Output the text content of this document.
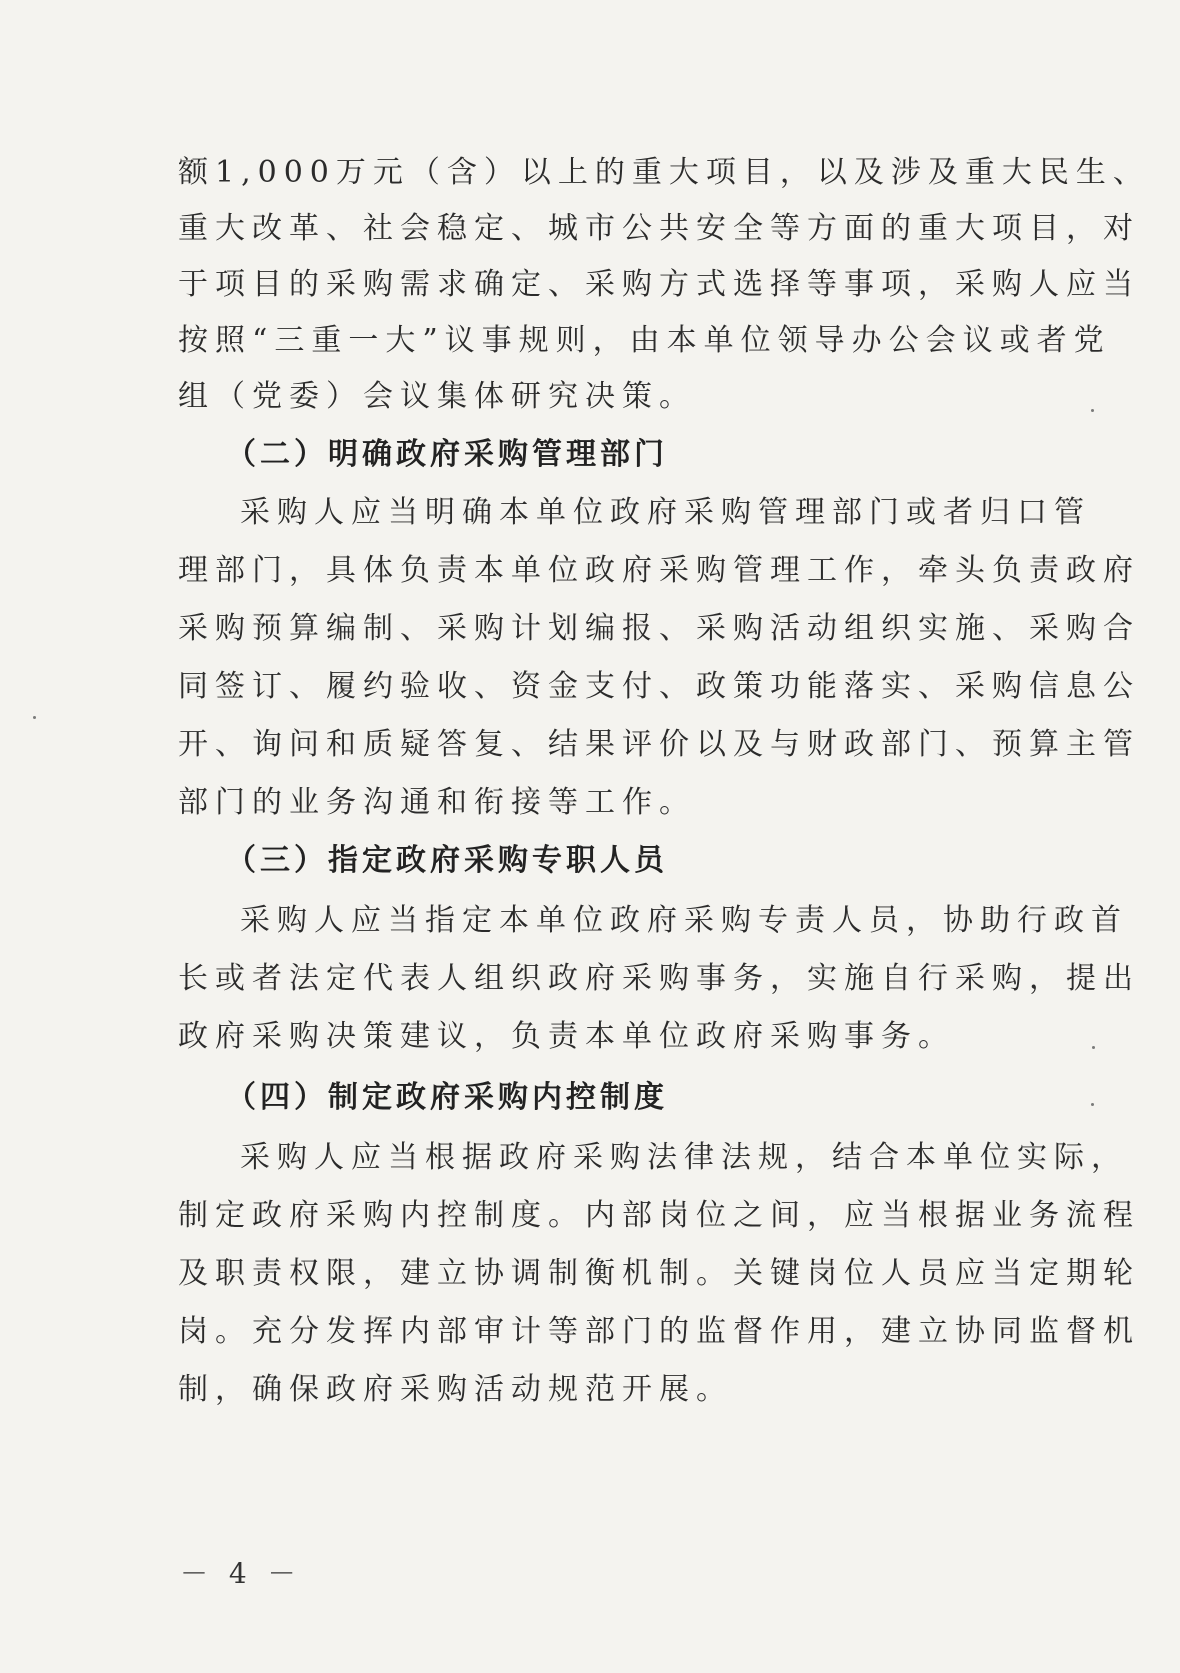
额1,000万元（含）以上的重大项目，以及涉及重大民生、
重大改革、社会稳定、城市公共安全等方面的重大项目，对
于项目的采购需求确定、采购方式选择等事项，采购人应当
按照“三重一大”议事规则，由本单位领导办公会议或者党
组（党委）会议集体研究决策。
（二）明确政府采购管理部门
采购人应当明确本单位政府采购管理部门或者归口管
理部门，具体负责本单位政府采购管理工作，牵头负责政府
采购预算编制、采购计划编报、采购活动组织实施、采购合
同签订、履约验收、资金支付、政策功能落实、采购信息公
开、询问和质疑答复、结果评价以及与财政部门、预算主管
部门的业务沟通和衔接等工作。
（三）指定政府采购专职人员
采购人应当指定本单位政府采购专责人员，协助行政首
长或者法定代表人组织政府采购事务，实施自行采购，提出
政府采购决策建议，负责本单位政府采购事务。
（四）制定政府采购内控制度
采购人应当根据政府采购法律法规，结合本单位实际，
制定政府采购内控制度。内部岗位之间，应当根据业务流程
及职责权限，建立协调制衡机制。关键岗位人员应当定期轮
岗。充分发挥内部审计等部门的监督作用，建立协同监督机
制，确保政府采购活动规范开展。
－ 4 －
